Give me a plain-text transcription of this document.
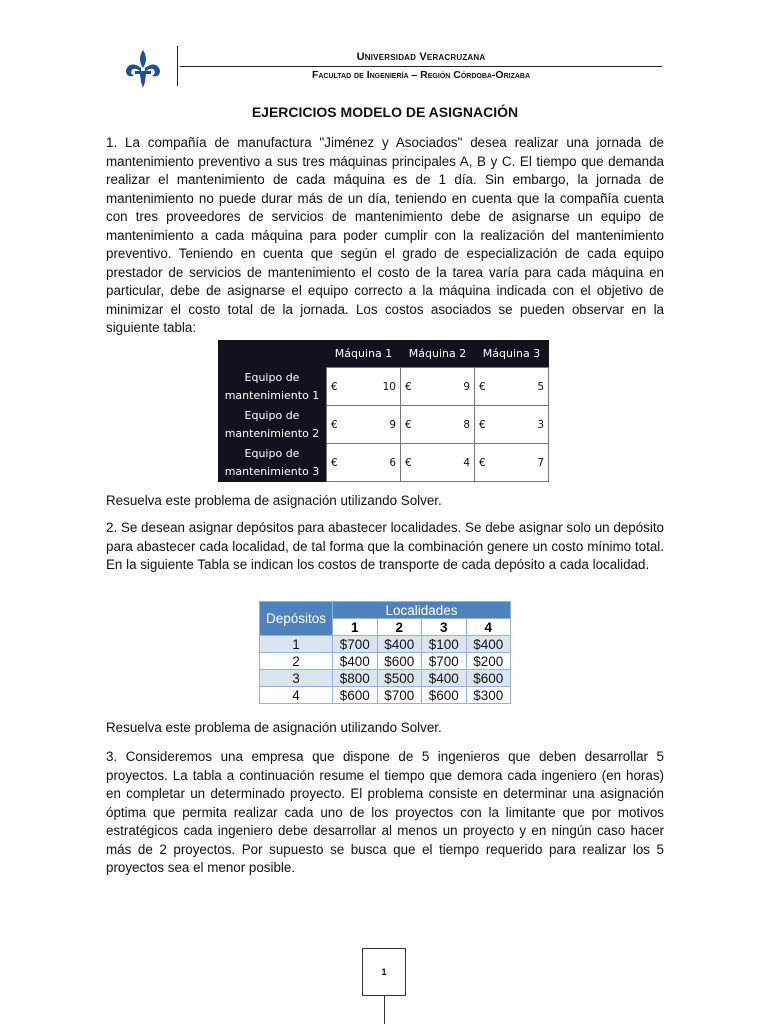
Universidad Veracruzana
Facultad de Ingeniería – Región Córdoba-Orizaba
EJERCICIOS MODELO DE ASIGNACIÓN

1. La compañía de manufactura "Jiménez y Asociados" desea realizar una jornada de mantenimiento preventivo a sus tres máquinas principales A, B y C. El tiempo que demanda realizar el mantenimiento de cada máquina es de 1 día. Sin embargo, la jornada de mantenimiento no puede durar más de un día, teniendo en cuenta que la compañía cuenta con tres proveedores de servicios de mantenimiento debe de asignarse un equipo de mantenimiento a cada máquina para poder cumplir con la realización del mantenimiento preventivo. Teniendo en cuenta que según el grado de especialización de cada equipo prestador de servicios de mantenimiento el costo de la tarea varía para cada máquina en particular, debe de asignarse el equipo correcto a la máquina indicada con el objetivo de minimizar el costo total de la jornada. Los costos asociados se pueden observar en la siguiente tabla:

	Máquina 1	Máquina 2	Máquina 3
Equipo de mantenimiento 1	€ 10	€ 9	€ 5

Equipo de mantenimiento 2	€ 9	€ 8	€ 3

Equipo de mantenimiento 3	€ 6	€ 4	€ 7

Resuelva este problema de asignación utilizando Solver.

2. Se desean asignar depósitos para abastecer localidades. Se debe asignar solo un depósito para abastecer cada localidad, de tal forma que la combinación genere un costo mínimo total. En la siguiente Tabla se indican los costos de transporte de cada depósito a cada localidad.

Depósitos	Localidades			
	1	2	3	4
1	$700	$400	$100	$400
2	$400	$600	$700	$200
3	$800	$500	$400	$600
4	$600	$700	$600	$300

Resuelva este problema de asignación utilizando Solver.

3. Consideremos una empresa que dispone de 5 ingenieros que deben desarrollar 5 proyectos. La tabla a continuación resume el tiempo que demora cada ingeniero (en horas) en completar un determinado proyecto. El problema consiste en determinar una asignación óptima que permita realizar cada uno de los proyectos con la limitante que por motivos estratégicos cada ingeniero debe desarrollar al menos un proyecto y en ningún caso hacer más de 2 proyectos. Por supuesto se busca que el tiempo requerido para realizar los 5 proyectos sea el menor posible.

1
